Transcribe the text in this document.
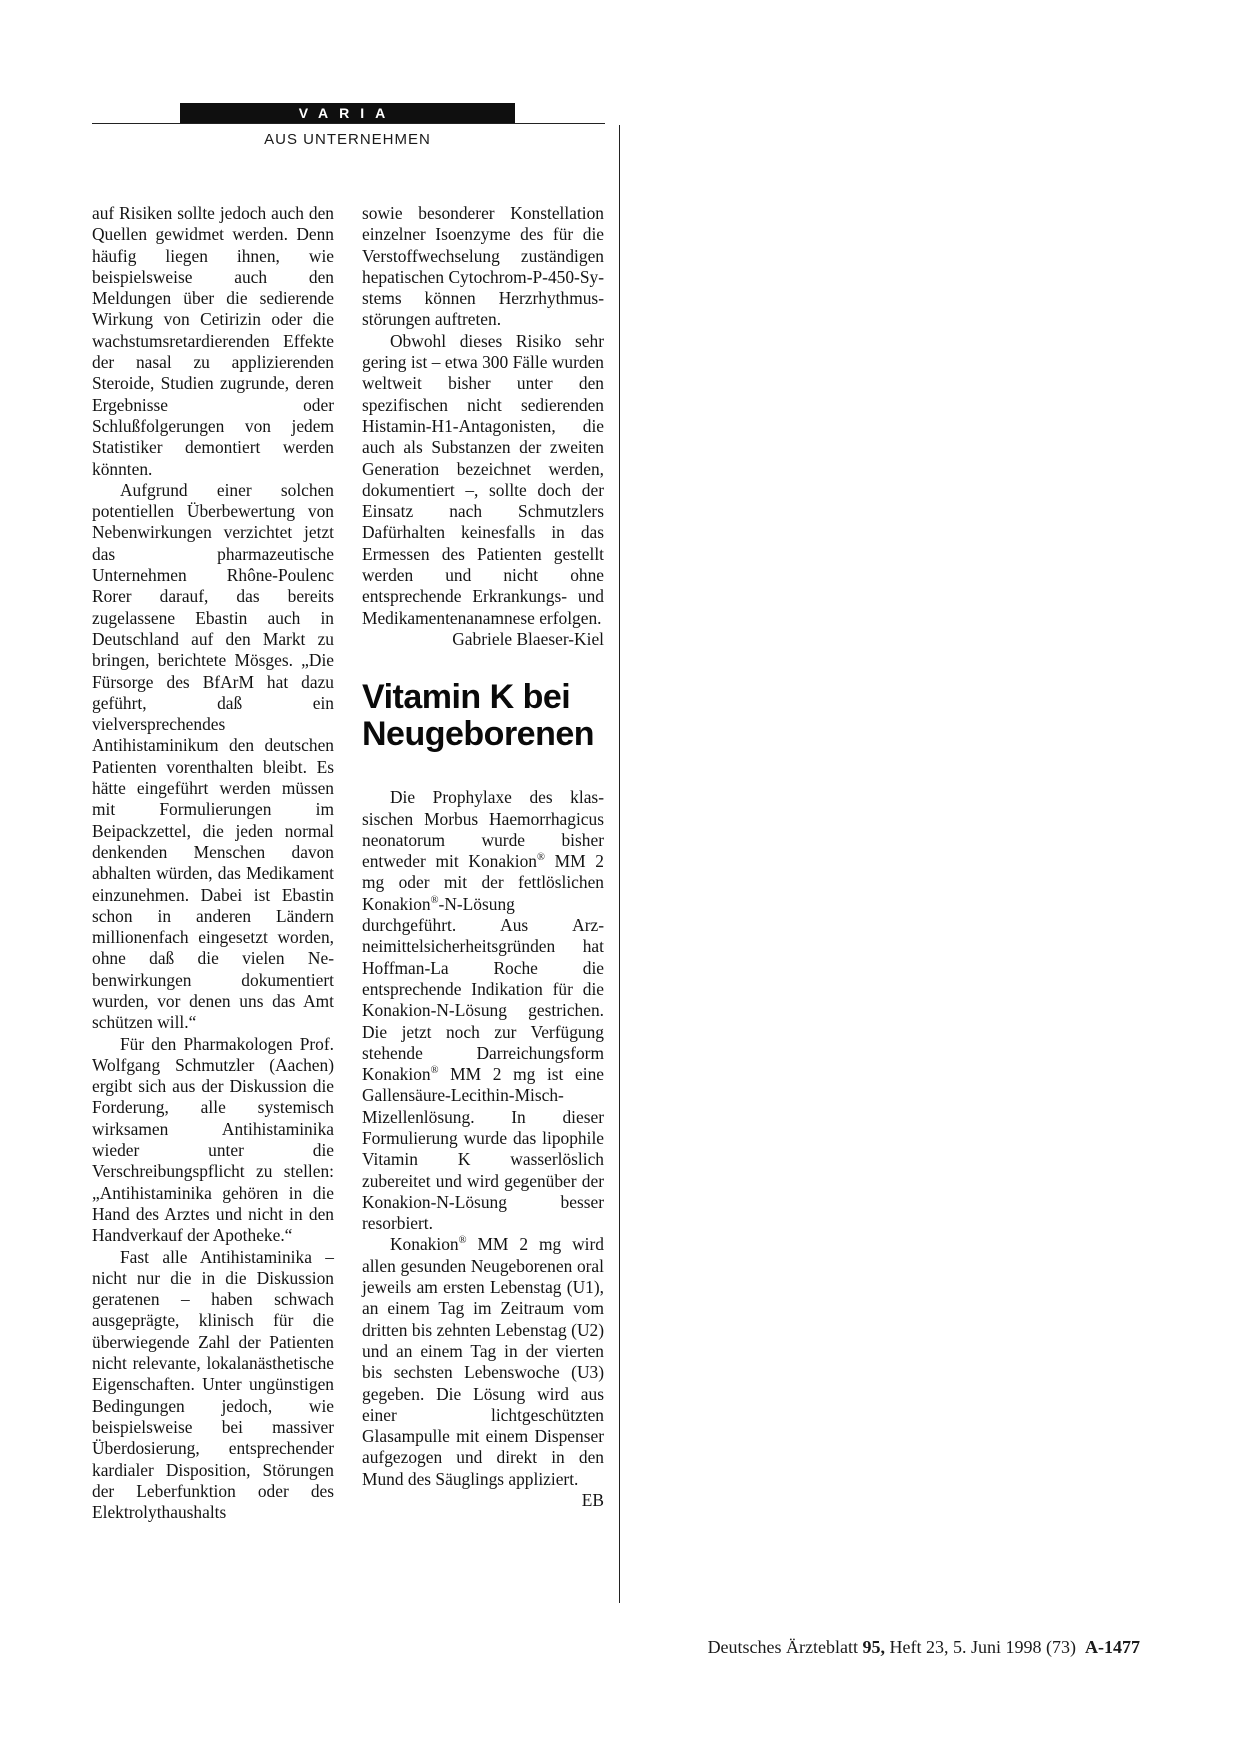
VARIA
AUS UNTERNEHMEN

auf Risiken sollte jedoch auch den Quellen gewidmet werden. Denn häufig liegen ihnen, wie beispielsweise auch den Meldungen über die sedierende Wirkung von Cetirizin oder die wachstumsretardierenden Effekte der nasal zu applizierenden Steroide, Studien zugrunde, deren Ergebnisse oder Schlußfolgerungen von jedem Statistiker demontiert werden könnten.

Aufgrund einer solchen potentiellen Überbewertung von Nebenwirkungen verzichtet jetzt das pharmazeutische Unternehmen Rhône-Poulenc Rorer darauf, das bereits zugelassene Ebastin auch in Deutschland auf den Markt zu bringen, berichtete Mösges. „Die Fürsorge des BfArM hat dazu geführt, daß ein vielversprechendes Antihistaminikum den deutschen Patienten vorenthalten bleibt. Es hätte eingeführt werden müssen mit Formulierungen im Beipackzettel, die jeden normal denkenden Menschen davon abhalten würden, das Medikament einzunehmen. Dabei ist Ebastin schon in anderen Ländern millionenfach eingesetzt worden, ohne daß die vielen Nebenwirkungen dokumentiert wurden, vor denen uns das Amt schützen will.“

Für den Pharmakologen Prof. Wolfgang Schmutzler (Aachen) ergibt sich aus der Diskussion die Forderung, alle systemisch wirksamen Antihistaminika wieder unter die Verschreibungspflicht zu stellen: „Antihistaminika gehören in die Hand des Arztes und nicht in den Handverkauf der Apotheke.“

Fast alle Antihistaminika – nicht nur die in die Diskussion geratenen – haben schwach ausgeprägte, klinisch für die überwiegende Zahl der Patienten nicht relevante, lokalanästhetische Eigenschaften. Unter ungünstigen Bedingungen jedoch, wie beispielsweise bei massiver Überdosierung, entsprechender kardialer Disposition, Störungen der Leberfunktion oder des Elektrolythaushalts

sowie besonderer Konstellation einzelner Isoenzyme des für die Verstoffwechselung zuständigen hepatischen Cytochrom-P-450-Systems können Herzrhythmusstörungen auftreten.

Obwohl dieses Risiko sehr gering ist – etwa 300 Fälle wurden weltweit bisher unter den spezifischen nicht sedierenden Histamin-H1-Antagonisten, die auch als Substanzen der zweiten Generation bezeichnet werden, dokumentiert –, sollte doch der Einsatz nach Schmutzlers Dafürhalten keinesfalls in das Ermessen des Patienten gestellt werden und nicht ohne entsprechende Erkrankungs- und Medikamentenanamnese erfolgen.

Gabriele Blaeser-Kiel

Vitamin K bei
Neugeborenen

Die Prophylaxe des klassischen Morbus Haemorrhagicus neonatorum wurde bisher entweder mit Konakion® MM 2 mg oder mit der fettlöslichen Konakion®-N-Lösung durchgeführt. Aus Arzneimittelsicherheitsgründen hat Hoffman-La Roche die entsprechende Indikation für die Konakion-N-Lösung gestrichen. Die jetzt noch zur Verfügung stehende Darreichungsform Konakion® MM 2 mg ist eine Gallensäure-Lecithin-Misch-Mizellenlösung. In dieser Formulierung wurde das lipophile Vitamin K wasserlöslich zubereitet und wird gegenüber der Konakion-N-Lösung besser resorbiert.

Konakion® MM 2 mg wird allen gesunden Neugeborenen oral jeweils am ersten Lebenstag (U1), an einem Tag im Zeitraum vom dritten bis zehnten Lebenstag (U2) und an einem Tag in der vierten bis sechsten Lebenswoche (U3) gegeben. Die Lösung wird aus einer lichtgeschützten Glasampulle mit einem Dispenser aufgezogen und direkt in den Mund des Säuglings appliziert.
EB

Deutsches Ärzteblatt 95, Heft 23, 5. Juni 1998 (73) A-1477
